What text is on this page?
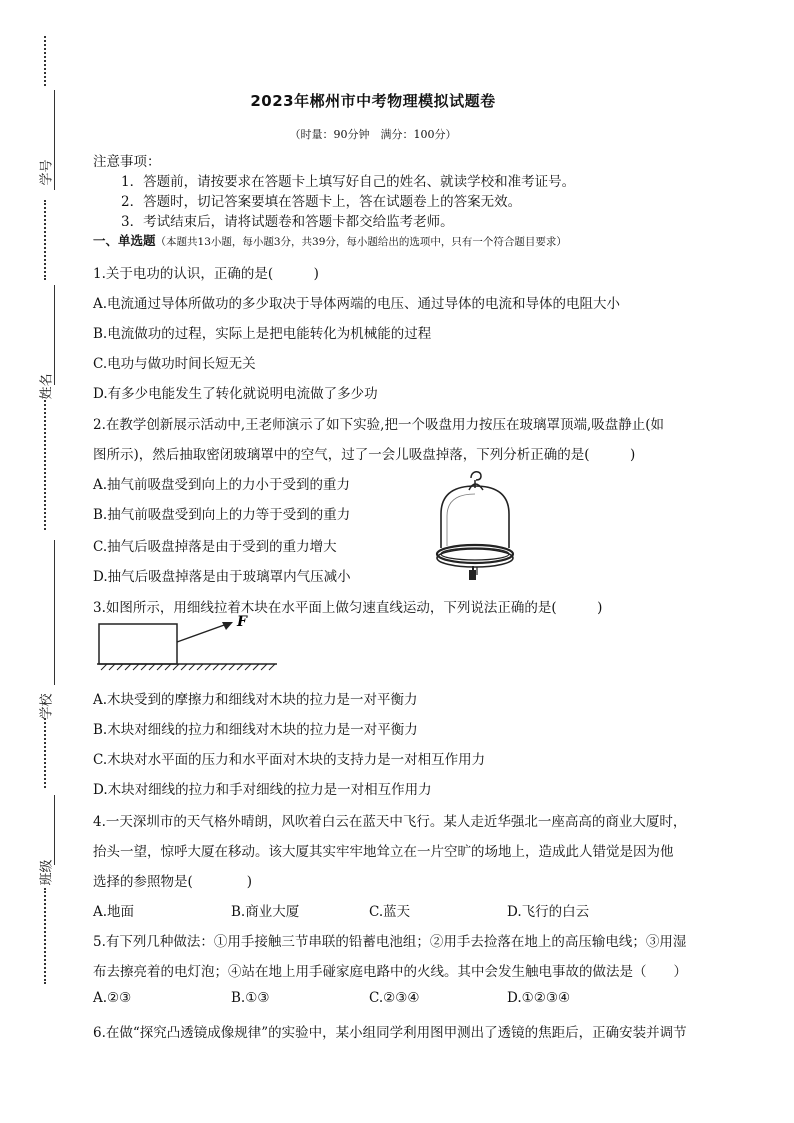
学号
姓名
学校
班级
2023年郴州市中考物理模拟试题卷
（时量：90分钟　满分：100分）
注意事项：
1．答题前，请按要求在答题卡上填写好自己的姓名、就读学校和准考证号。
2．答题时，切记答案要填在答题卡上，答在试题卷上的答案无效。
3．考试结束后，请将试题卷和答题卡都交给监考老师。
一、单选题（本题共13小题，每小题3分，共39分，每小题给出的选项中，只有一个符合题目要求）
1.关于电功的认识，正确的是(　　　)
A.电流通过导体所做功的多少取决于导体两端的电压、通过导体的电流和导体的电阻大小
B.电流做功的过程，实际上是把电能转化为机械能的过程
C.电功与做功时间长短无关
D.有多少电能发生了转化就说明电流做了多少功
2.在教学创新展示活动中,王老师演示了如下实验,把一个吸盘用力按压在玻璃罩顶端,吸盘静止(如
图所示)，然后抽取密闭玻璃罩中的空气，过了一会儿吸盘掉落，下列分析正确的是(　　　)
A.抽气前吸盘受到向上的力小于受到的重力
B.抽气前吸盘受到向上的力等于受到的重力
C.抽气后吸盘掉落是由于受到的重力增大
D.抽气后吸盘掉落是由于玻璃罩内气压减小
3.如图所示，用细线拉着木块在水平面上做匀速直线运动，下列说法正确的是(　　　)
F
A.木块受到的摩擦力和细线对木块的拉力是一对平衡力
B.木块对细线的拉力和细线对木块的拉力是一对平衡力
C.木块对水平面的压力和水平面对木块的支持力是一对相互作用力
D.木块对细线的拉力和手对细线的拉力是一对相互作用力
4.一天深圳市的天气格外晴朗，风吹着白云在蓝天中飞行。某人走近华强北一座高高的商业大厦时，
抬头一望，惊呼大厦在移动。该大厦其实牢牢地耸立在一片空旷的场地上，造成此人错觉是因为他
选择的参照物是(　　　　)
A.地面	B.商业大厦	C.蓝天	D.飞行的白云
5.有下列几种做法：①用手接触三节串联的铅蓄电池组；②用手去捡落在地上的高压输电线；③用湿
布去擦亮着的电灯泡；④站在地上用手碰家庭电路中的火线。其中会发生触电事故的做法是（　　）
A.②③	B.①③	C.②③④	D.①②③④
6.在做“探究凸透镜成像规律”的实验中，某小组同学利用图甲测出了透镜的焦距后，正确安装并调节
